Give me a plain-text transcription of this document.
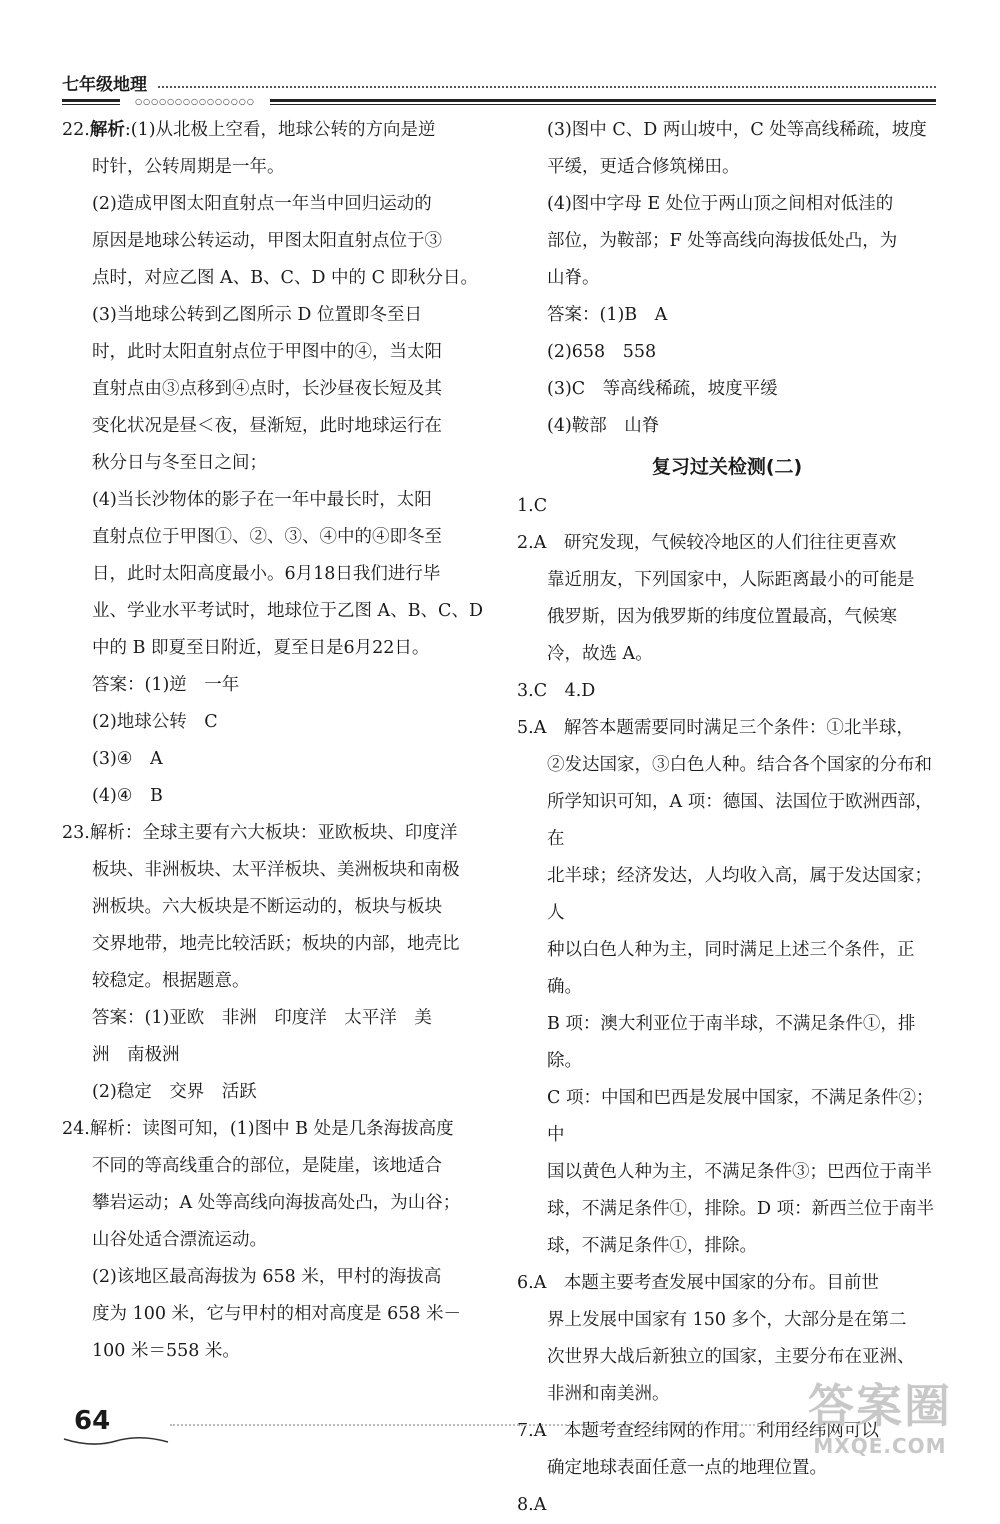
七年级地理
○○○○○○○○○○○○○○○

22.解析:(1)从北极上空看，地球公转的方向是逆

时针，公转周期是一年。

(2)造成甲图太阳直射点一年当中回归运动的

原因是地球公转运动，甲图太阳直射点位于③

点时，对应乙图 A、B、C、D 中的 C 即秋分日。

(3)当地球公转到乙图所示 D 位置即冬至日

时，此时太阳直射点位于甲图中的④，当太阳

直射点由③点移到④点时，长沙昼夜长短及其

变化状况是昼＜夜，昼渐短，此时地球运行在

秋分日与冬至日之间；

(4)当长沙物体的影子在一年中最长时，太阳

直射点位于甲图①、②、③、④中的④即冬至

日，此时太阳高度最小。6月18日我们进行毕

业、学业水平考试时，地球位于乙图 A、B、C、D

中的 B 即夏至日附近，夏至日是6月22日。

答案：(1)逆　一年

(2)地球公转　C

(3)④　A

(4)④　B

23.解析：全球主要有六大板块：亚欧板块、印度洋

板块、非洲板块、太平洋板块、美洲板块和南极

洲板块。六大板块是不断运动的，板块与板块

交界地带，地壳比较活跃；板块的内部，地壳比

较稳定。根据题意。

答案：(1)亚欧　非洲　印度洋　太平洋　美

洲　南极洲

(2)稳定　交界　活跃

24.解析：读图可知，(1)图中 B 处是几条海拔高度

不同的等高线重合的部位，是陡崖，该地适合

攀岩运动；A 处等高线向海拔高处凸，为山谷；

山谷处适合漂流运动。

(2)该地区最高海拔为 658 米，甲村的海拔高

度为 100 米，它与甲村的相对高度是 658 米－

100 米＝558 米。

(3)图中 C、D 两山坡中，C 处等高线稀疏，坡度

平缓，更适合修筑梯田。

(4)图中字母 E 处位于两山顶之间相对低洼的

部位，为鞍部；F 处等高线向海拔低处凸，为

山脊。

答案：(1)B　A

(2)658　558

(3)C　等高线稀疏，坡度平缓

(4)鞍部　山脊

复习过关检测(二)

1.C

2.A　研究发现，气候较冷地区的人们往往更喜欢

靠近朋友，下列国家中，人际距离最小的可能是

俄罗斯，因为俄罗斯的纬度位置最高，气候寒

冷，故选 A。

3.C　4.D

5.A　解答本题需要同时满足三个条件：①北半球，

②发达国家，③白色人种。结合各个国家的分布和

所学知识可知，A 项：德国、法国位于欧洲西部，在

北半球；经济发达，人均收入高，属于发达国家；人

种以白色人种为主，同时满足上述三个条件，正确。

B 项：澳大利亚位于南半球，不满足条件①，排除。

C 项：中国和巴西是发展中国家，不满足条件②；中

国以黄色人种为主，不满足条件③；巴西位于南半

球，不满足条件①，排除。D 项：新西兰位于南半

球，不满足条件①，排除。

6.A　本题主要考查发展中国家的分布。目前世

界上发展中国家有 150 多个，大部分是在第二

次世界大战后新独立的国家，主要分布在亚洲、

非洲和南美洲。

7.A　本题考查经纬网的作用。利用经纬网可以

确定地球表面任意一点的地理位置。

8.A

64	答案圈
MXQE.COM
